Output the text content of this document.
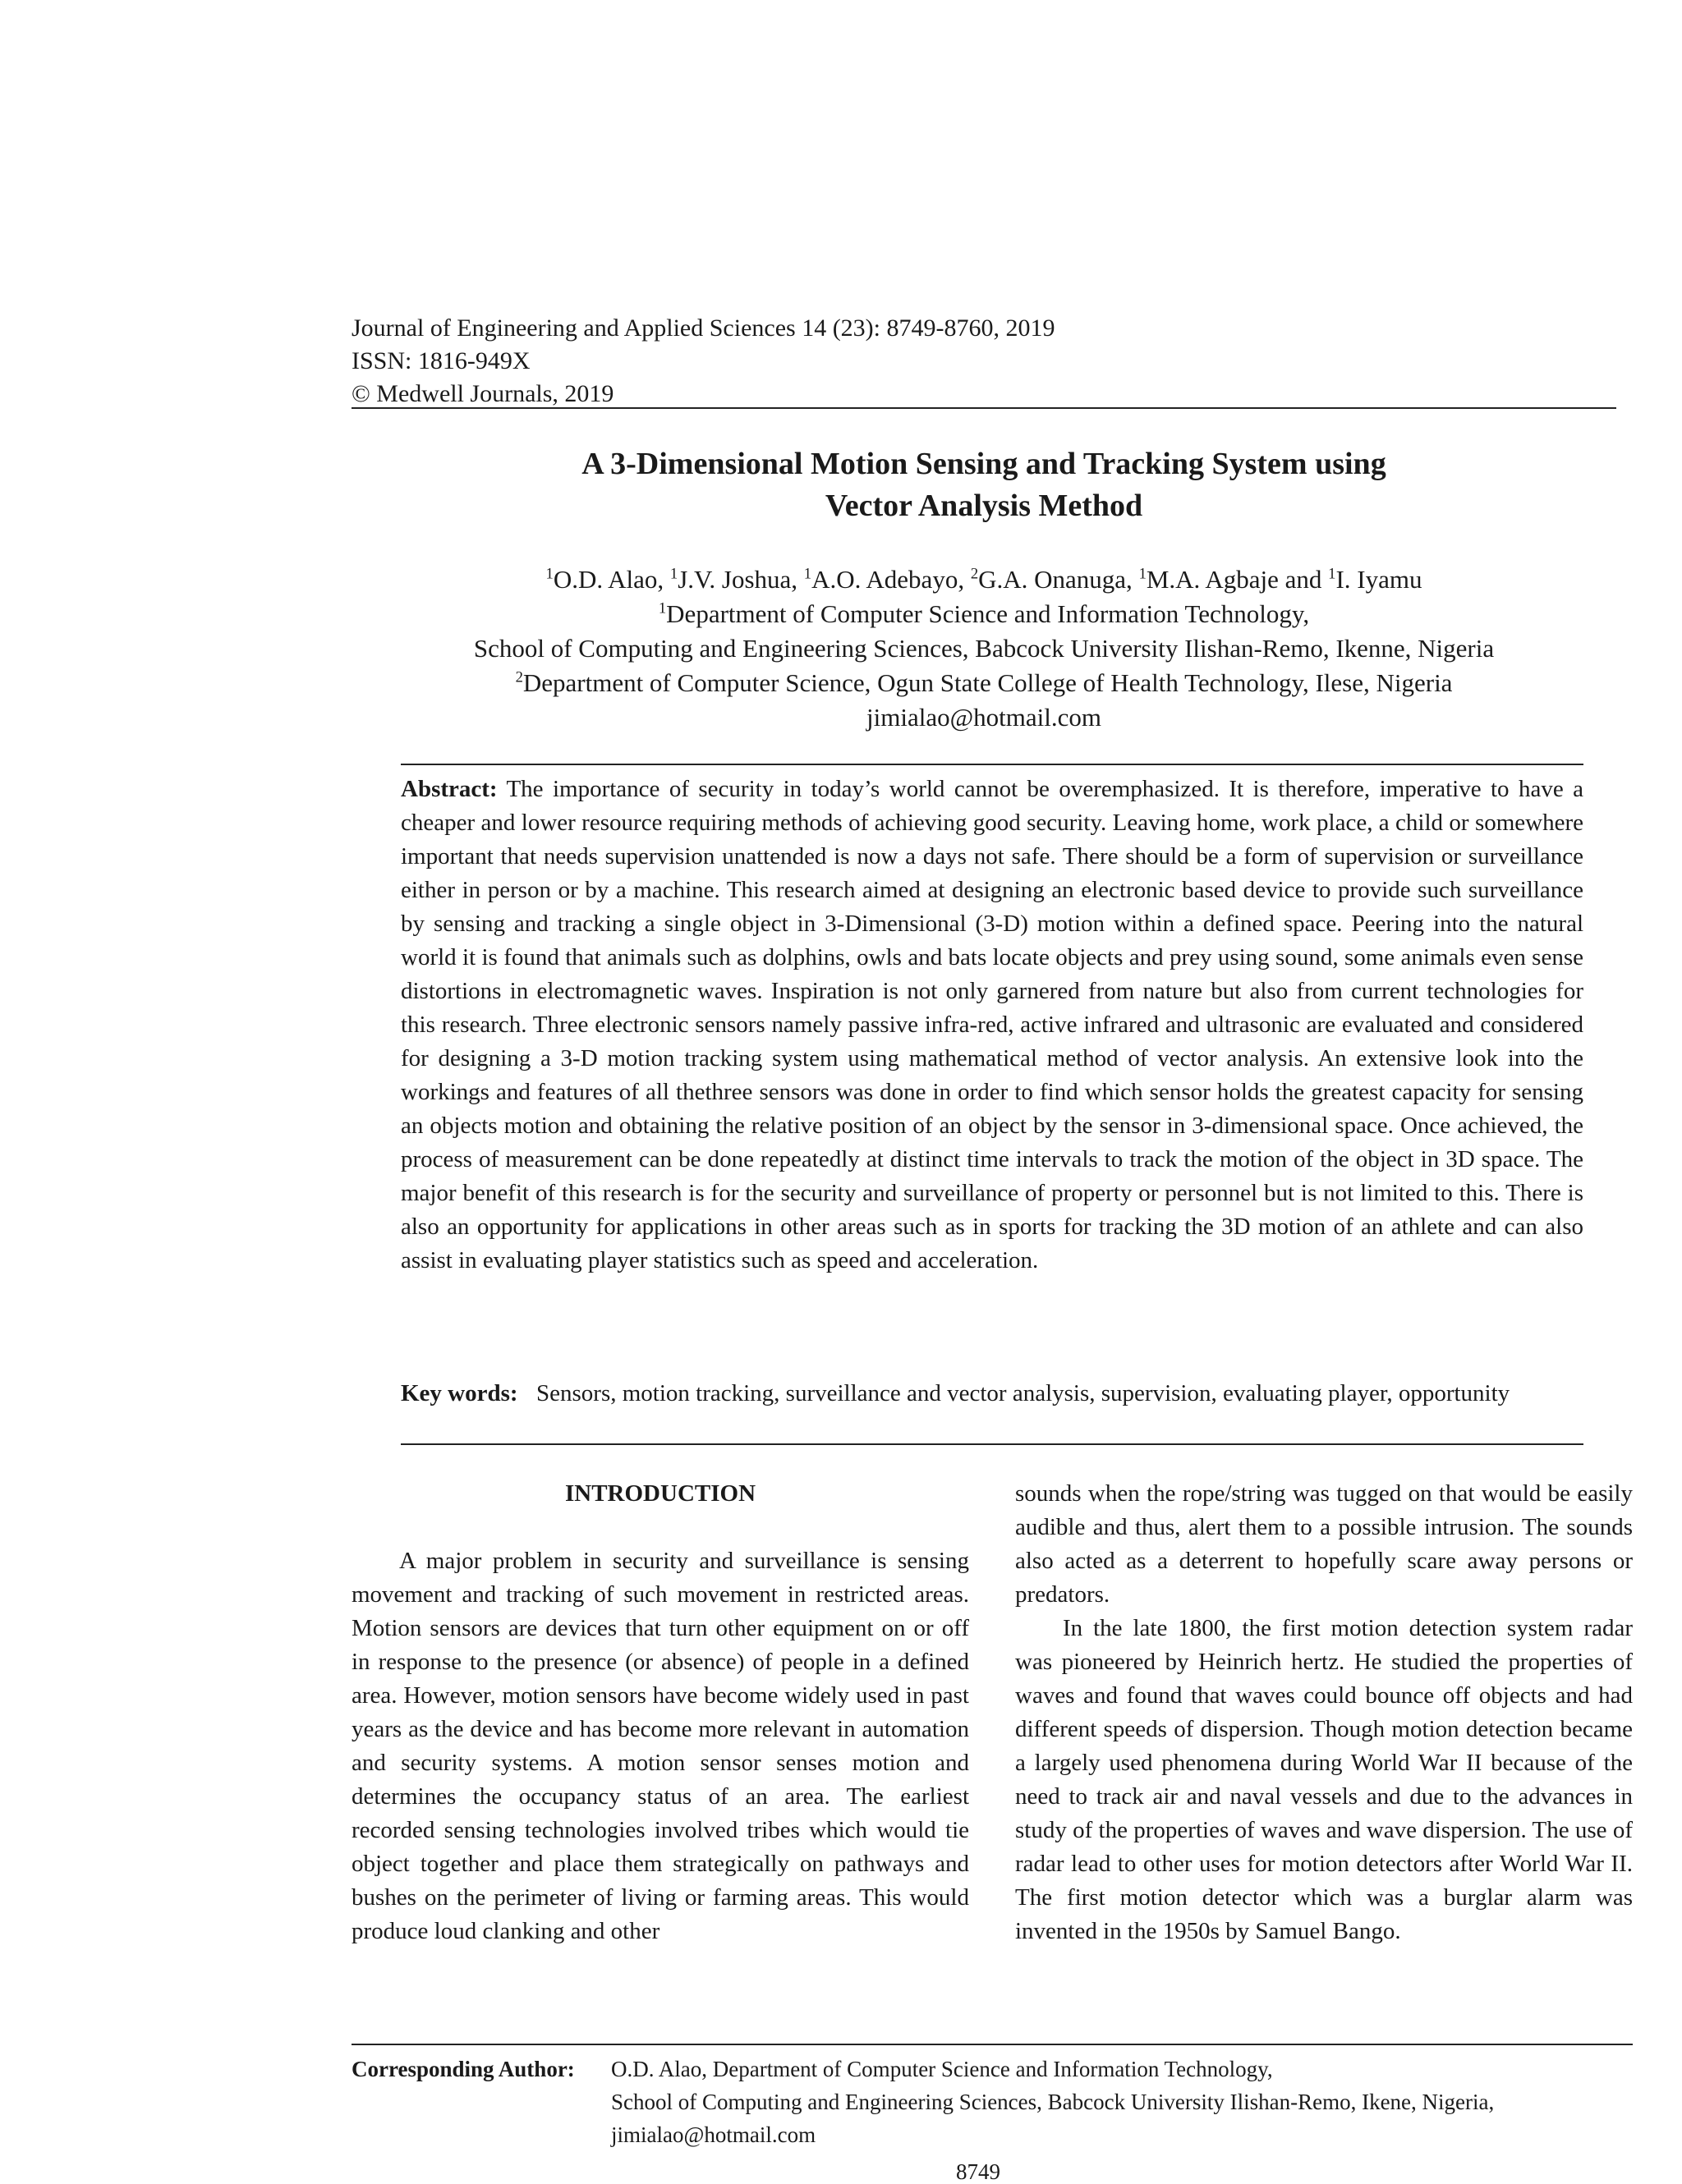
Journal of Engineering and Applied Sciences 14 (23): 8749-8760, 2019
ISSN: 1816-949X
© Medwell Journals, 2019
A 3-Dimensional Motion Sensing and Tracking System using
Vector Analysis Method
$^1$O.D. Alao, $^1$J.V. Joshua, $^1$A.O. Adebayo, $^2$G.A. Onanuga, $^1$M.A. Agbaje and $^1$I. Iyamu
$^1$Department of Computer Science and Information Technology,
School of Computing and Engineering Sciences, Babcock University Ilishan-Remo, Ikenne, Nigeria
$^2$Department of Computer Science, Ogun State College of Health Technology, Ilese, Nigeria
jimialao@hotmail.com
Abstract: The importance of security in today’s world cannot be overemphasized. It is therefore, imperative to have a cheaper and lower resource requiring methods of achieving good security. Leaving home, work place, a child or somewhere important that needs supervision unattended is now a days not safe. There should be a form of supervision or surveillance either in person or by a machine. This research aimed at designing an electronic based device to provide such surveillance by sensing and tracking a single object in 3-Dimensional (3-D) motion within a defined space. Peering into the natural world it is found that animals such as dolphins, owls and bats locate objects and prey using sound, some animals even sense distortions in electromagnetic waves. Inspiration is not only garnered from nature but also from current technologies for this research. Three electronic sensors namely passive infra-red, active infrared and ultrasonic are evaluated and considered for designing a 3-D motion tracking system using mathematical method of vector analysis. An extensive look into the workings and features of all thethree sensors was done in order to find which sensor holds the greatest capacity for sensing an objects motion and obtaining the relative position of an object by the sensor in 3-dimensional space. Once achieved, the process of measurement can be done repeatedly at distinct time intervals to track the motion of the object in 3D space. The major benefit of this research is for the security and surveillance of property or personnel but is not limited to this. There is also an opportunity for applications in other areas such as in sports for tracking the 3D motion of an athlete and can also assist in evaluating player statistics such as speed and acceleration.
Key words: Sensors, motion tracking, surveillance and vector analysis, supervision, evaluating player, opportunity

INTRODUCTION

A major problem in security and surveillance is sensing movement and tracking of such movement in restricted areas. Motion sensors are devices that turn other equipment on or off in response to the presence (or absence) of people in a defined area. However, motion sensors have become widely used in past years as the device and has become more relevant in automation and security systems. A motion sensor senses motion and determines the occupancy status of an area. The earliest recorded sensing technologies involved tribes which would tie object together and place them strategically on pathways and bushes on the perimeter of living or farming areas. This would produce loud clanking and other

sounds when the rope/string was tugged on that would be easily audible and thus, alert them to a possible intrusion. The sounds also acted as a deterrent to hopefully scare away persons or predators.

In the late 1800, the first motion detection system radar was pioneered by Heinrich hertz. He studied the properties of waves and found that waves could bounce off objects and had different speeds of dispersion. Though motion detection became a largely used phenomena during World War II because of the need to track air and naval vessels and due to the advances in study of the properties of waves and wave dispersion. The use of radar lead to other uses for motion detectors after World War II. The first motion detector which was a burglar alarm was invented in the 1950s by Samuel Bango.

Corresponding Author: O.D. Alao, Department of Computer Science and Information Technology,
School of Computing and Engineering Sciences, Babcock University Ilishan-Remo, Ikene, Nigeria,
jimialao@hotmail.com
8749
